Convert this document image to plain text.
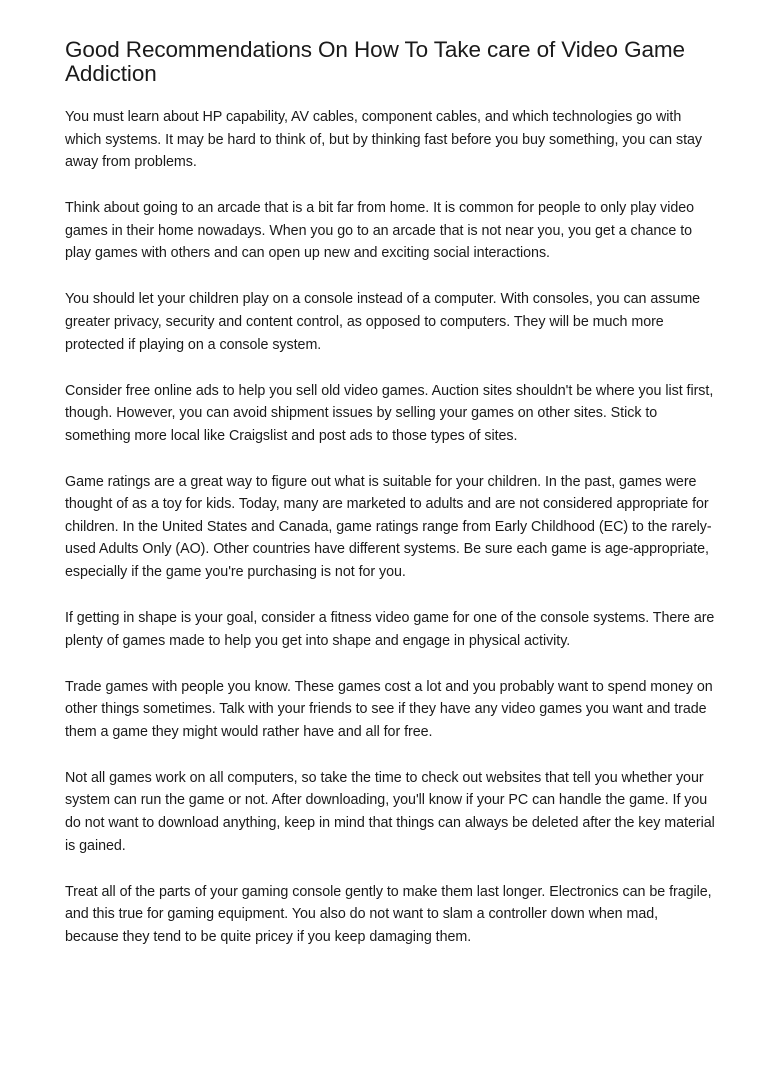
Good Recommendations On How To Take care of Video Game Addiction

You must learn about HP capability, AV cables, component cables, and which technologies go with which systems. It may be hard to think of, but by thinking fast before you buy something, you can stay away from problems.

Think about going to an arcade that is a bit far from home. It is common for people to only play video games in their home nowadays. When you go to an arcade that is not near you, you get a chance to play games with others and can open up new and exciting social interactions.

You should let your children play on a console instead of a computer. With consoles, you can assume greater privacy, security and content control, as opposed to computers. They will be much more protected if playing on a console system.

Consider free online ads to help you sell old video games. Auction sites shouldn't be where you list first, though. However, you can avoid shipment issues by selling your games on other sites. Stick to something more local like Craigslist and post ads to those types of sites.

Game ratings are a great way to figure out what is suitable for your children. In the past, games were thought of as a toy for kids. Today, many are marketed to adults and are not considered appropriate for children. In the United States and Canada, game ratings range from Early Childhood (EC) to the rarely-used Adults Only (AO). Other countries have different systems. Be sure each game is age-appropriate, especially if the game you're purchasing is not for you.

If getting in shape is your goal, consider a fitness video game for one of the console systems. There are plenty of games made to help you get into shape and engage in physical activity.

Trade games with people you know. These games cost a lot and you probably want to spend money on other things sometimes. Talk with your friends to see if they have any video games you want and trade them a game they might would rather have and all for free.

Not all games work on all computers, so take the time to check out websites that tell you whether your system can run the game or not. After downloading, you'll know if your PC can handle the game. If you do not want to download anything, keep in mind that things can always be deleted after the key material is gained.

Treat all of the parts of your gaming console gently to make them last longer. Electronics can be fragile, and this true for gaming equipment. You also do not want to slam a controller down when mad, because they tend to be quite pricey if you keep damaging them.
